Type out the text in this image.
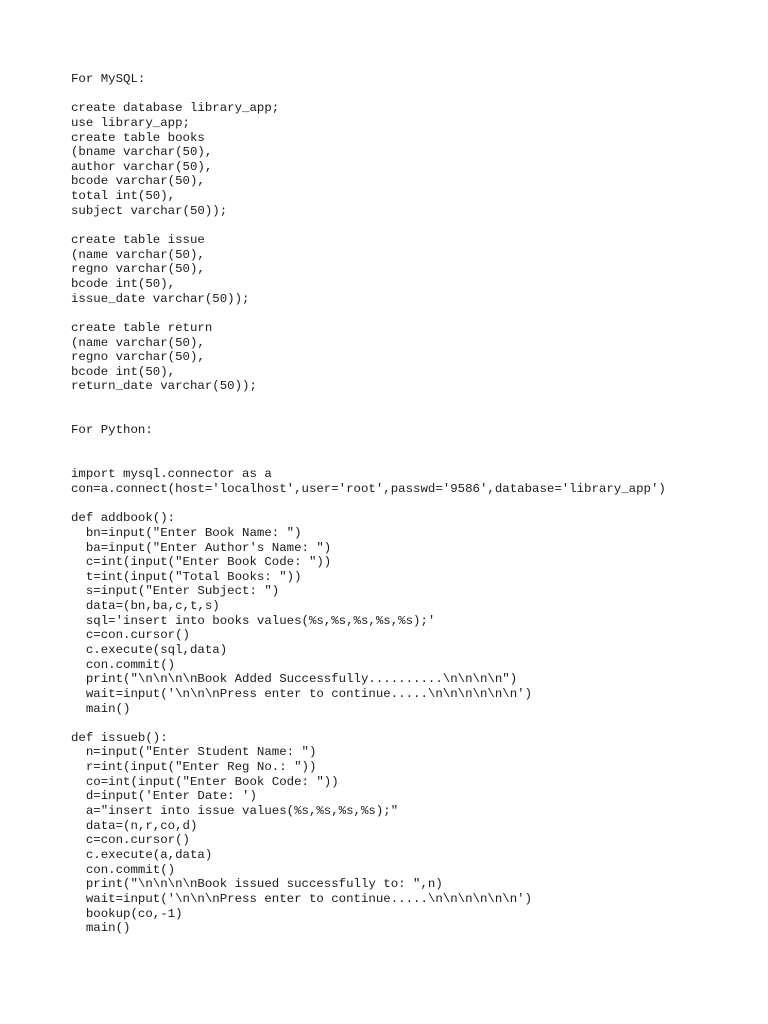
For MySQL:
create database library_app;
use library_app;
create table books
(bname varchar(50),
author varchar(50),
bcode varchar(50),
total int(50),
subject varchar(50));
create table issue
(name varchar(50),
regno varchar(50),
bcode int(50),
issue_date varchar(50));
create table return
(name varchar(50),
regno varchar(50),
bcode int(50),
return_date varchar(50));
For Python:
import mysql.connector as a
con=a.connect(host='localhost',user='root',passwd='9586',database='library_app')
def addbook():
bn=input("Enter Book Name: ")
ba=input("Enter Author's Name: ")
c=int(input("Enter Book Code: "))
t=int(input("Total Books: "))
s=input("Enter Subject: ")
data=(bn,ba,c,t,s)
sql='insert into books values(%s,%s,%s,%s,%s);'
c=con.cursor()
c.execute(sql,data)
con.commit()
print("\n\n\n\nBook Added Successfully..........\n\n\n\n")
wait=input('\n\n\nPress enter to continue.....\n\n\n\n\n\n')
main()
def issueb():
n=input("Enter Student Name: ")
r=int(input("Enter Reg No.: "))
co=int(input("Enter Book Code: "))
d=input('Enter Date: ')
a="insert into issue values(%s,%s,%s,%s);"
data=(n,r,co,d)
c=con.cursor()
c.execute(a,data)
con.commit()
print("\n\n\n\nBook issued successfully to: ",n)
wait=input('\n\n\nPress enter to continue.....\n\n\n\n\n\n')
bookup(co,-1)
main()
